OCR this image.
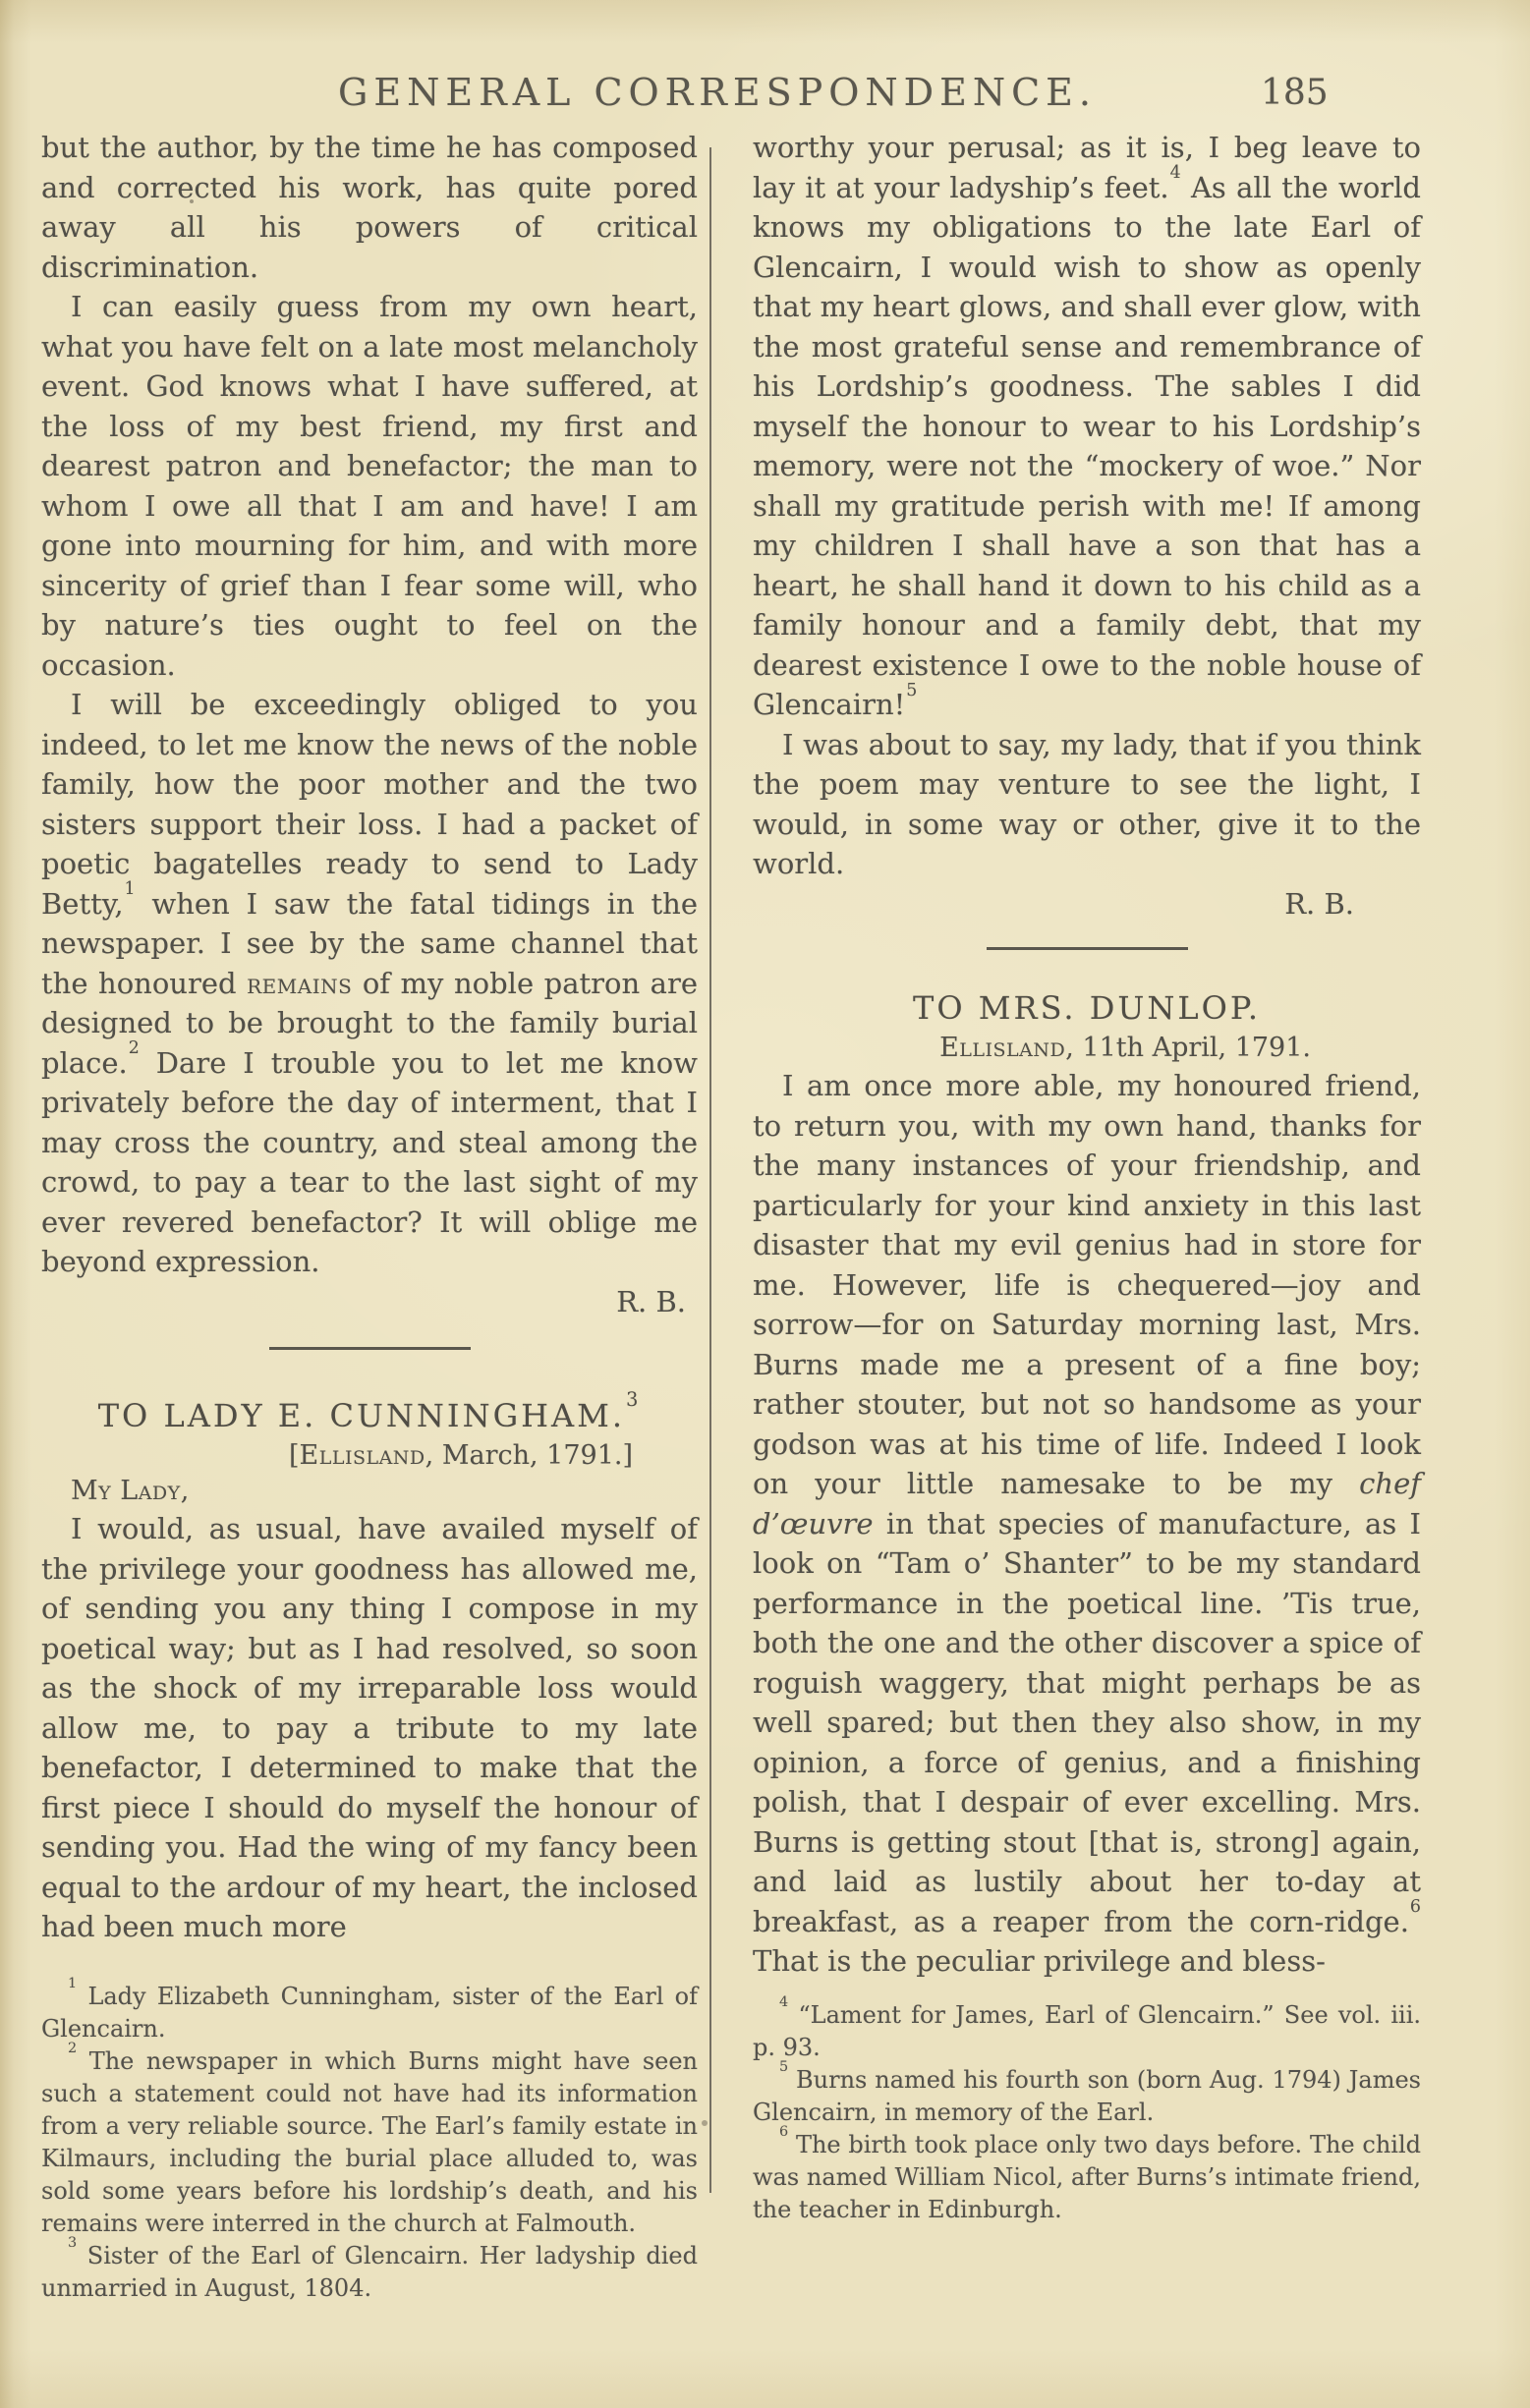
GENERAL CORRESPONDENCE.	185

but the author, by the time he has composed and corrected his work, has quite pored away all his powers of critical discrimination.

I can easily guess from my own heart, what you have felt on a late most melancholy event. God knows what I have suffered, at the loss of my best friend, my first and dearest patron and benefactor; the man to whom I owe all that I am and have! I am gone into mourning for him, and with more sincerity of grief than I fear some will, who by nature’s ties ought to feel on the occasion.

I will be exceedingly obliged to you indeed, to let me know the news of the noble family, how the poor mother and the two sisters support their loss. I had a packet of poetic bagatelles ready to send to Lady Betty,$^1$ when I saw the fatal tidings in the newspaper. I see by the same channel that the honoured remains of my noble patron are designed to be brought to the family burial place.$^2$ Dare I trouble you to let me know privately before the day of interment, that I may cross the country, and steal among the crowd, to pay a tear to the last sight of my ever revered benefactor? It will oblige me beyond expression.

R. B.

TO LADY E. CUNNINGHAM.$^3$

[Ellisland, March, 1791.]

My Lady,

I would, as usual, have availed myself of the privilege your goodness has allowed me, of sending you any thing I compose in my poetical way; but as I had resolved, so soon as the shock of my irreparable loss would allow me, to pay a tribute to my late benefactor, I determined to make that the first piece I should do myself the honour of sending you. Had the wing of my fancy been equal to the ardour of my heart, the inclosed had been much more

$^1$ Lady Elizabeth Cunningham, sister of the Earl of Glencairn.

$^2$ The newspaper in which Burns might have seen such a statement could not have had its information from a very reliable source. The Earl’s family estate in Kilmaurs, including the burial place alluded to, was sold some years before his lordship’s death, and his remains were interred in the church at Falmouth.

$^3$ Sister of the Earl of Glencairn. Her ladyship died unmarried in August, 1804.

worthy your perusal; as it is, I beg leave to lay it at your ladyship’s feet.$^4$ As all the world knows my obligations to the late Earl of Glencairn, I would wish to show as openly that my heart glows, and shall ever glow, with the most grateful sense and remembrance of his Lordship’s goodness. The sables I did myself the honour to wear to his Lordship’s memory, were not the “mockery of woe.” Nor shall my gratitude perish with me! If among my children I shall have a son that has a heart, he shall hand it down to his child as a family honour and a family debt, that my dearest existence I owe to the noble house of Glencairn!$^5$

I was about to say, my lady, that if you think the poem may venture to see the light, I would, in some way or other, give it to the world.

R. B.

TO MRS. DUNLOP.

Ellisland, 11th April, 1791.

I am once more able, my honoured friend, to return you, with my own hand, thanks for the many instances of your friendship, and particularly for your kind anxiety in this last disaster that my evil genius had in store for me. However, life is chequered—joy and sorrow—for on Saturday morning last, Mrs. Burns made me a present of a fine boy; rather stouter, but not so handsome as your godson was at his time of life. Indeed I look on your little namesake to be my chef d’œuvre in that species of manufacture, as I look on “Tam o’ Shanter” to be my standard performance in the poetical line. ’Tis true, both the one and the other discover a spice of roguish waggery, that might perhaps be as well spared; but then they also show, in my opinion, a force of genius, and a finishing polish, that I despair of ever excelling. Mrs. Burns is getting stout [that is, strong] again, and laid as lustily about her to-day at breakfast, as a reaper from the corn-ridge.$^6$ That is the peculiar privilege and bless-

$^4$ “Lament for James, Earl of Glencairn.” See vol. iii. p. 93.

$^5$ Burns named his fourth son (born Aug. 1794) James Glencairn, in memory of the Earl.

$^6$ The birth took place only two days before. The child was named William Nicol, after Burns’s intimate friend, the teacher in Edinburgh.
